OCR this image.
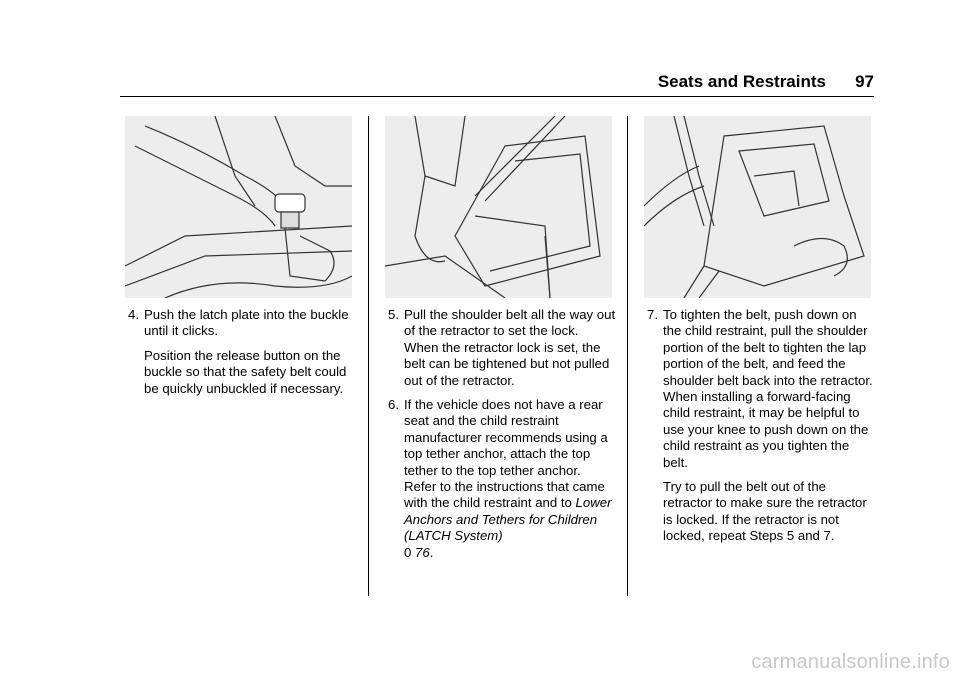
Seats and Restraints 97
4. Push the latch plate into the buckle until it clicks.
Position the release button on the buckle so that the safety belt could be quickly unbuckled if necessary.
5. Pull the shoulder belt all the way out of the retractor to set the lock. When the retractor lock is set, the belt can be tightened but not pulled out of the retractor.
6. If the vehicle does not have a rear seat and the child restraint manufacturer recommends using a top tether anchor, attach the top tether to the top tether anchor. Refer to the instructions that came with the child restraint and to Lower Anchors and Tethers for Children (LATCH System)
0 76.
7. To tighten the belt, push down on the child restraint, pull the shoulder portion of the belt to tighten the lap portion of the belt, and feed the shoulder belt back into the retractor. When installing a forward-facing child restraint, it may be helpful to use your knee to push down on the child restraint as you tighten the belt.
Try to pull the belt out of the retractor to make sure the retractor is locked. If the retractor is not locked, repeat Steps 5 and 7.
carmanualsonline.info
